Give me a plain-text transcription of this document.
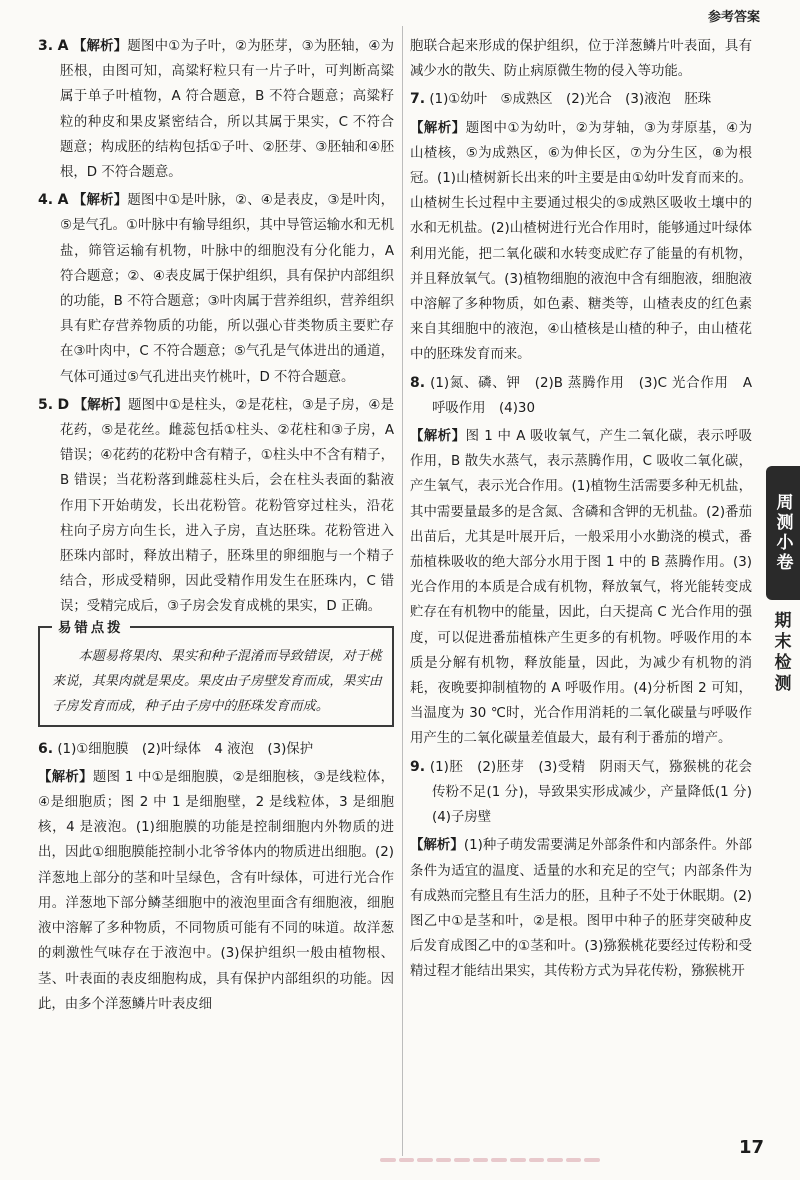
参考答案

3. A 【解析】题图中①为子叶，②为胚芽，③为胚轴，④为胚根，由图可知，高粱籽粒只有一片子叶，可判断高粱属于单子叶植物，A 符合题意，B 不符合题意；高粱籽粒的种皮和果皮紧密结合，所以其属于果实，C 不符合题意；构成胚的结构包括①子叶、②胚芽、③胚轴和④胚根，D 不符合题意。

4. A 【解析】题图中①是叶脉，②、④是表皮，③是叶肉，⑤是气孔。①叶脉中有输导组织，其中导管运输水和无机盐，筛管运输有机物，叶脉中的细胞没有分化能力，A 符合题意；②、④表皮属于保护组织，具有保护内部组织的功能，B 不符合题意；③叶肉属于营养组织，营养组织具有贮存营养物质的功能，所以强心苷类物质主要贮存在③叶肉中，C 不符合题意；⑤气孔是气体进出的通道，气体可通过⑤气孔进出夹竹桃叶，D 不符合题意。

5. D 【解析】题图中①是柱头，②是花柱，③是子房，④是花药，⑤是花丝。雌蕊包括①柱头、②花柱和③子房，A 错误；④花药的花粉中含有精子，①柱头中不含有精子，B 错误；当花粉落到雌蕊柱头后，会在柱头表面的黏液作用下开始萌发，长出花粉管。花粉管穿过柱头，沿花柱向子房方向生长，进入子房，直达胚珠。花粉管进入胚珠内部时，释放出精子，胚珠里的卵细胞与一个精子结合，形成受精卵，因此受精作用发生在胚珠内，C 错误；受精完成后，③子房会发育成桃的果实，D 正确。

易错点拨
本题易将果肉、果实和种子混淆而导致错误，对于桃来说，其果肉就是果皮。果皮由子房壁发育而成，果实由子房发育而成，种子由子房中的胚珠发育而成。
6. (1)①细胞膜　(2)叶绿体　4 液泡　(3)保护

【解析】题图 1 中①是细胞膜，②是细胞核，③是线粒体，④是细胞质；图 2 中 1 是细胞壁，2 是线粒体，3 是细胞核，4 是液泡。(1)细胞膜的功能是控制细胞内外物质的进出，因此①细胞膜能控制小北爷爷体内的物质进出细胞。(2)洋葱地上部分的茎和叶呈绿色，含有叶绿体，可进行光合作用。洋葱地下部分鳞茎细胞中的液泡里面含有细胞液，细胞液中溶解了多种物质，不同物质可能有不同的味道。故洋葱的刺激性气味存在于液泡中。(3)保护组织一般由植物根、茎、叶表面的表皮细胞构成，具有保护内部组织的功能。因此，由多个洋葱鳞片叶表皮细

胞联合起来形成的保护组织，位于洋葱鳞片叶表面，具有减少水的散失、防止病原微生物的侵入等功能。

7. (1)①幼叶　⑤成熟区　(2)光合　(3)液泡　胚珠

【解析】题图中①为幼叶，②为芽轴，③为芽原基，④为山楂核，⑤为成熟区，⑥为伸长区，⑦为分生区，⑧为根冠。(1)山楂树新长出来的叶主要是由①幼叶发育而来的。山楂树生长过程中主要通过根尖的⑤成熟区吸收土壤中的水和无机盐。(2)山楂树进行光合作用时，能够通过叶绿体利用光能，把二氧化碳和水转变成贮存了能量的有机物，并且释放氧气。(3)植物细胞的液泡中含有细胞液，细胞液中溶解了多种物质，如色素、糖类等，山楂表皮的红色素来自其细胞中的液泡，④山楂核是山楂的种子，由山楂花中的胚珠发育而来。

8. (1)氮、磷、钾　(2)B 蒸腾作用　(3)C 光合作用　A 呼吸作用　(4)30

【解析】图 1 中 A 吸收氧气，产生二氧化碳，表示呼吸作用，B 散失水蒸气，表示蒸腾作用，C 吸收二氧化碳，产生氧气，表示光合作用。(1)植物生活需要多种无机盐，其中需要量最多的是含氮、含磷和含钾的无机盐。(2)番茄出苗后，尤其是叶展开后，一般采用小水勤浇的模式，番茄植株吸收的绝大部分水用于图 1 中的 B 蒸腾作用。(3)光合作用的本质是合成有机物，释放氧气，将光能转变成贮存在有机物中的能量，因此，白天提高 C 光合作用的强度，可以促进番茄植株产生更多的有机物。呼吸作用的本质是分解有机物，释放能量，因此，为减少有机物的消耗，夜晚要抑制植物的 A 呼吸作用。(4)分析图 2 可知，当温度为 30 ℃时，光合作用消耗的二氧化碳量与呼吸作用产生的二氧化碳量差值最大，最有利于番茄的增产。

9. (1)胚　(2)胚芽　(3)受精　阴雨天气，猕猴桃的花会传粉不足(1 分)，导致果实形成减少，产量降低(1 分)　(4)子房壁

【解析】(1)种子萌发需要满足外部条件和内部条件。外部条件为适宜的温度、适量的水和充足的空气；内部条件为有成熟而完整且有生活力的胚，且种子不处于休眠期。(2)图乙中①是茎和叶，②是根。图甲中种子的胚芽突破种皮后发育成图乙中的①茎和叶。(3)猕猴桃花要经过传粉和受精过程才能结出果实，其传粉方式为异花传粉，猕猴桃开

周测小卷
期末检测
17
